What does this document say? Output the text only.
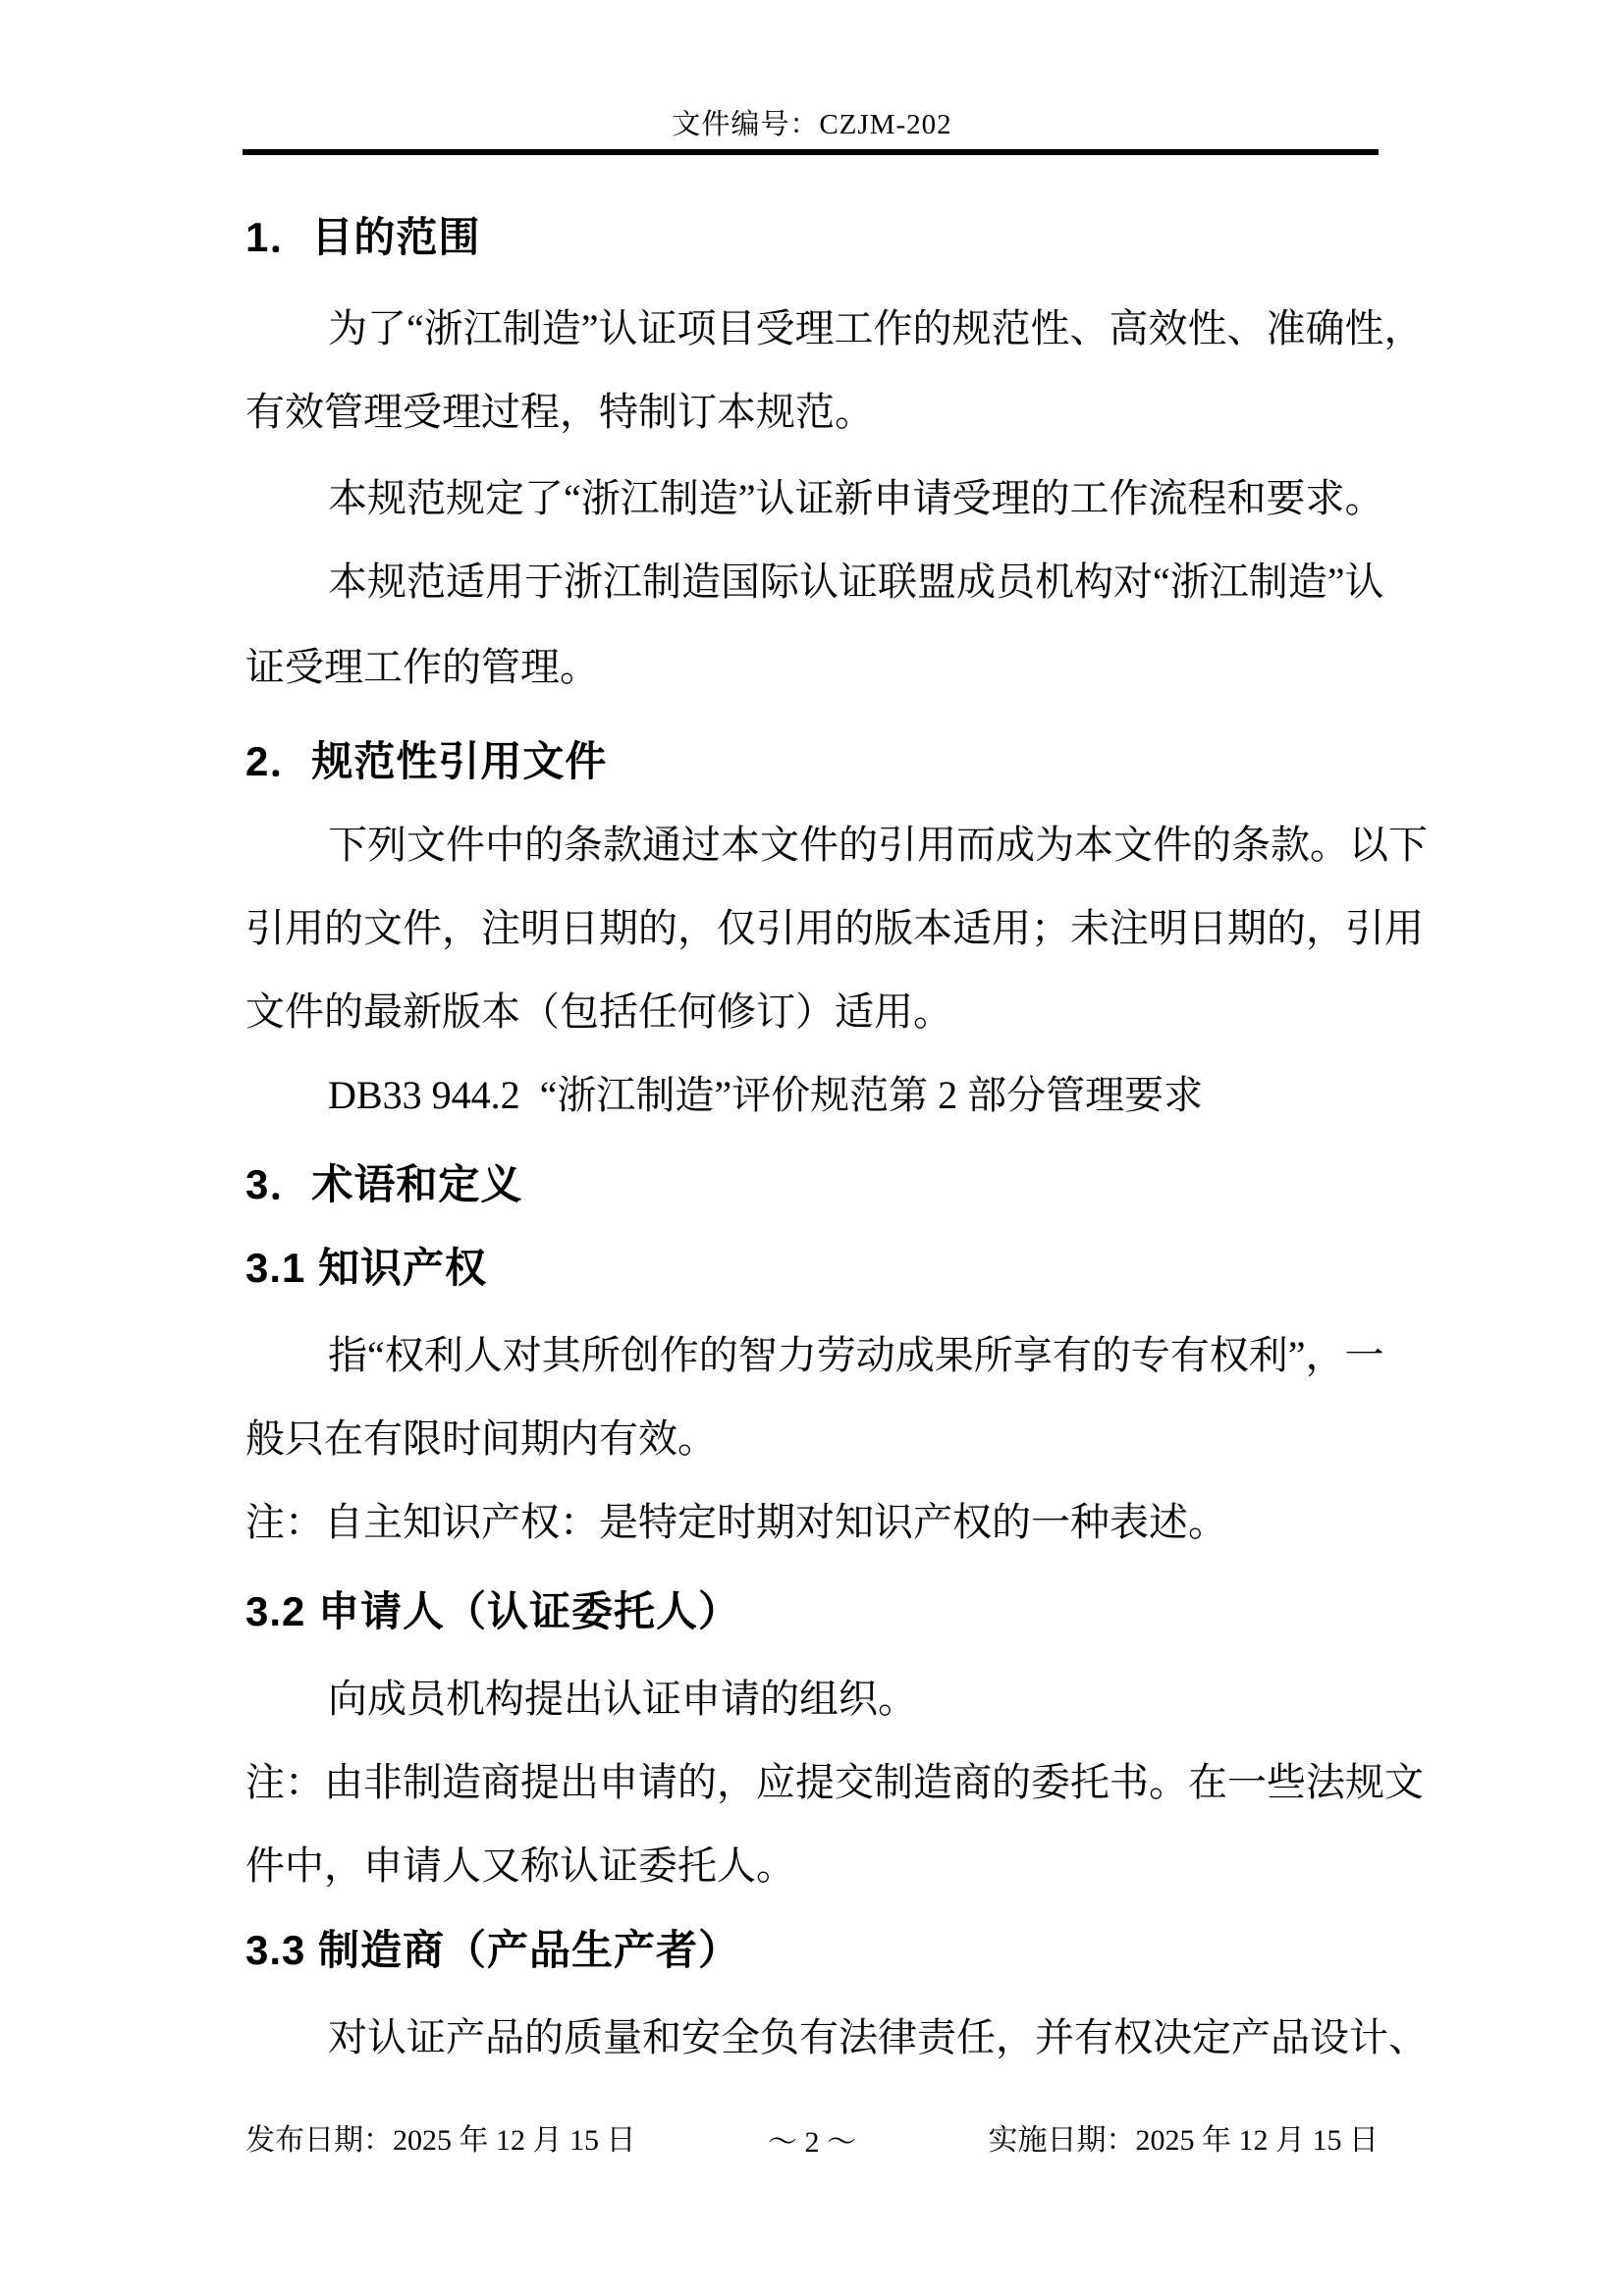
文件编号：CZJM-202
1．目的范围
为了“浙江制造”认证项目受理工作的规范性、高效性、准确性，
有效管理受理过程，特制订本规范。
本规范规定了“浙江制造”认证新申请受理的工作流程和要求。
本规范适用于浙江制造国际认证联盟成员机构对“浙江制造”认
证受理工作的管理。
2．规范性引用文件
下列文件中的条款通过本文件的引用而成为本文件的条款。以下
引用的文件，注明日期的，仅引用的版本适用；未注明日期的，引用
文件的最新版本（包括任何修订）适用。
DB33 944.2  “浙江制造”评价规范第 2 部分管理要求
3．术语和定义
3.1 知识产权
指“权利人对其所创作的智力劳动成果所享有的专有权利”，一
般只在有限时间期内有效。
注：自主知识产权：是特定时期对知识产权的一种表述。
3.2 申请人（认证委托人）
向成员机构提出认证申请的组织。
注：由非制造商提出申请的，应提交制造商的委托书。在一些法规文
件中，申请人又称认证委托人。
3.3 制造商（产品生产者）
对认证产品的质量和安全负有法律责任，并有权决定产品设计、
发布日期：2025 年 12 月 15 日	～ 2 ～	实施日期：2025 年 12 月 15 日
